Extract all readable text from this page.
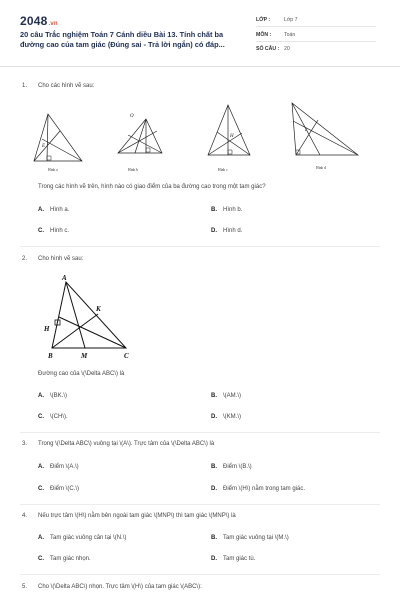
2048.vn
20 câu Trắc nghiệm Toán 7 Cánh diều Bài 13. Tính chất ba đường cao của tam giác (Đúng sai - Trả lời ngắn) có đáp...
LỚP :	Lớp 7
MÔN : Toán
SỐ CÂU : 20
1. Cho các hình vẽ sau:
E
O
H
I
Hình a	Hình b	Hình c	Hình d
Trong các hình vẽ trên, hình nào có giao điểm của ba đường cao trong một tam giác?
A. Hình a.	B. Hình b.
C. Hình c.	D. Hình d.
2. Cho hình vẽ sau:
A
K
H
B	M	C
Đường cao của \(\Delta ABC\) là
A. \(BK.\)	B. \(AM.\)
C. \(CH\).	D. \(KM.\)
3. Trong \(\Delta ABC\) vuông tại \(A\). Trực tâm của \(\Delta ABC\) là
A. Điểm \(A.\)	B. Điểm \(B.\)
C. Điểm \(C.\)	D. Điểm \(H\) nằm trong tam giác.
4. Nếu trực tâm \(H\) nằm bên ngoài tam giác \(MNP\) thì tam giác \(MNP\) là
A. Tam giác vuông cân tại \(N.\)	B. Tam giác vuông tại \(M.\)
C. Tam giác nhọn.	D. Tam giác tù.
5. Cho \(\Delta ABC\) nhọn. Trực tâm \(H\) của tam giác \(ABC\):
